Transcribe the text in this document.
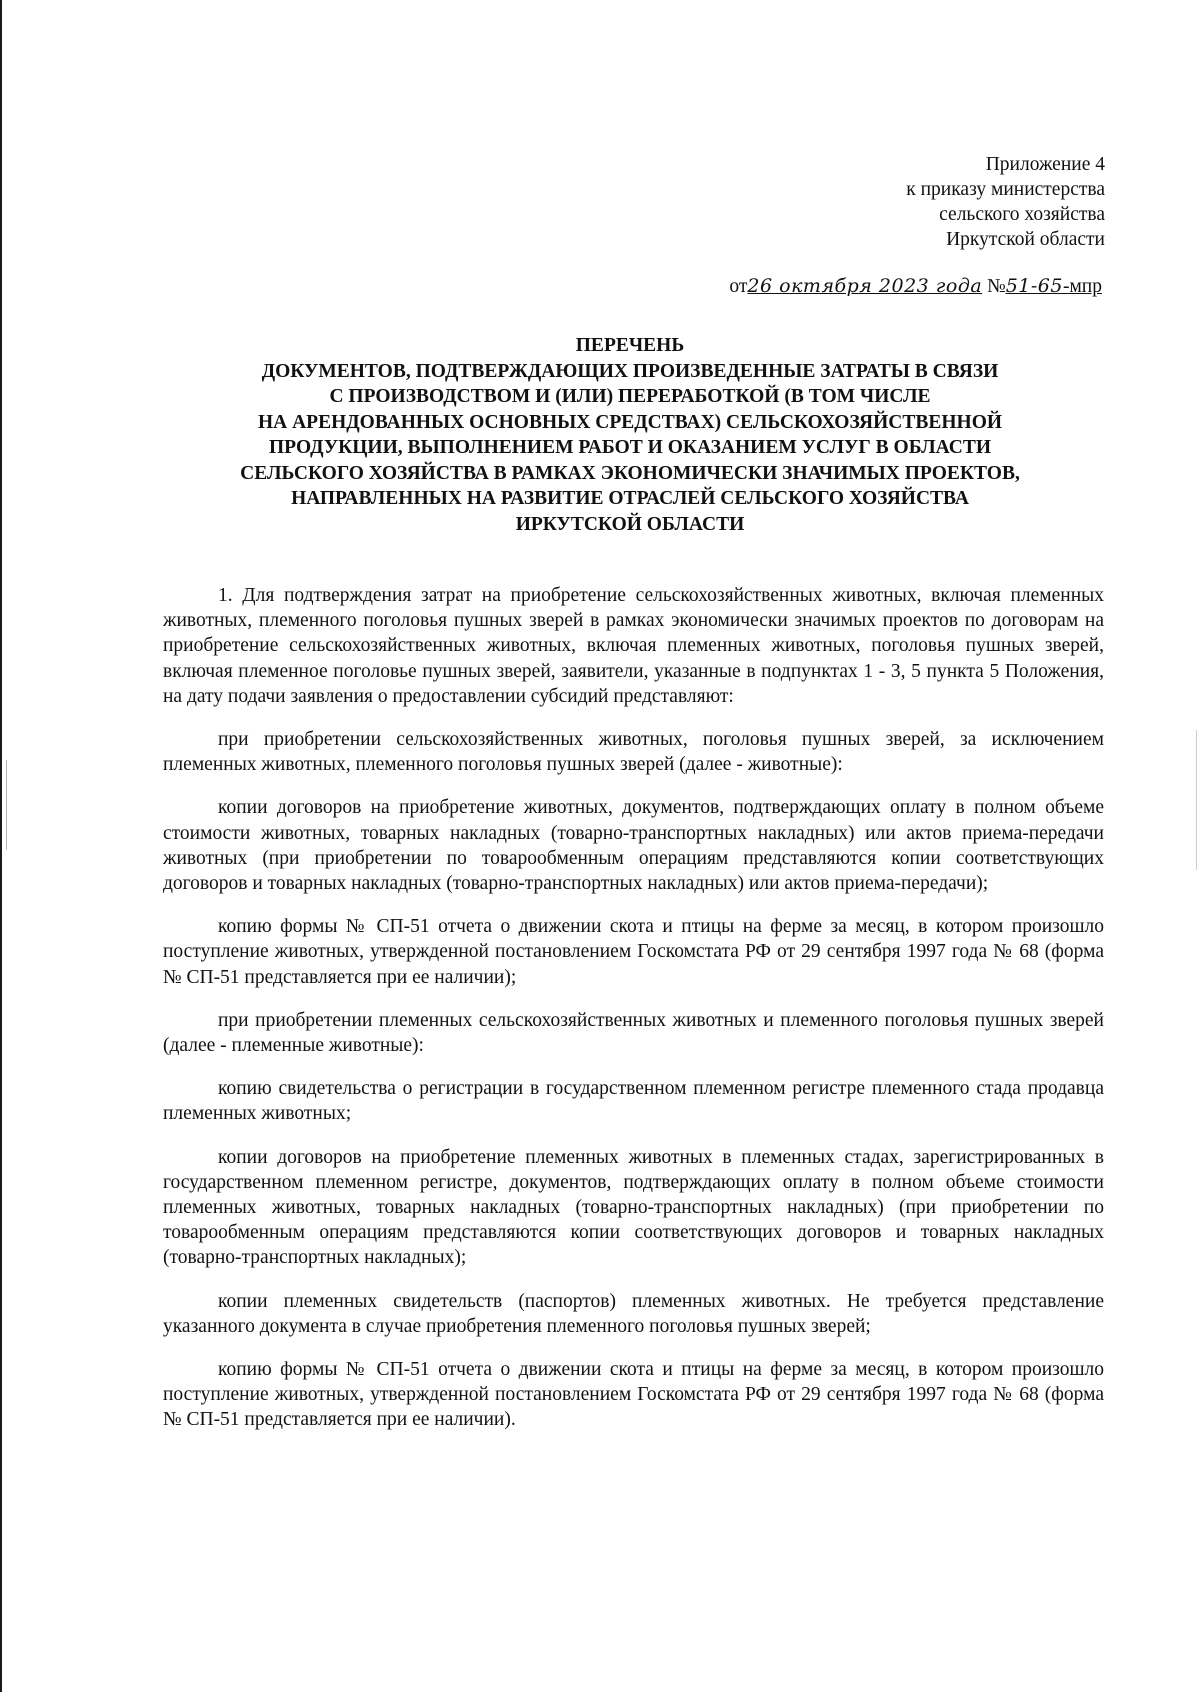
Приложение 4
к приказу министерства
сельского хозяйства
Иркутской области
от26 октября 2023 года №51-65-мпр
ПЕРЕЧЕНЬ
ДОКУМЕНТОВ, ПОДТВЕРЖДАЮЩИХ ПРОИЗВЕДЕННЫЕ ЗАТРАТЫ В СВЯЗИ
С ПРОИЗВОДСТВОМ И (ИЛИ) ПЕРЕРАБОТКОЙ (В ТОМ ЧИСЛЕ
НА АРЕНДОВАННЫХ ОСНОВНЫХ СРЕДСТВАХ) СЕЛЬСКОХОЗЯЙСТВЕННОЙ
ПРОДУКЦИИ, ВЫПОЛНЕНИЕМ РАБОТ И ОКАЗАНИЕМ УСЛУГ В ОБЛАСТИ
СЕЛЬСКОГО ХОЗЯЙСТВА В РАМКАХ ЭКОНОМИЧЕСКИ ЗНАЧИМЫХ ПРОЕКТОВ,
НАПРАВЛЕННЫХ НА РАЗВИТИЕ ОТРАСЛЕЙ СЕЛЬСКОГО ХОЗЯЙСТВА
ИРКУТСКОЙ ОБЛАСТИ

1. Для подтверждения затрат на приобретение сельскохозяйственных животных, включая племенных животных, племенного поголовья пушных зверей в рамках экономически значимых проектов по договорам на приобретение сельскохозяйственных животных, включая племенных животных, поголовья пушных зверей, включая племенное поголовье пушных зверей, заявители, указанные в подпунктах 1 - 3, 5 пункта 5 Положения, на дату подачи заявления о предоставлении субсидий представляют:

при приобретении сельскохозяйственных животных, поголовья пушных зверей, за исключением племенных животных, племенного поголовья пушных зверей (далее - животные):

копии договоров на приобретение животных, документов, подтверждающих оплату в полном объеме стоимости животных, товарных накладных (товарно-транспортных накладных) или актов приема-передачи животных (при приобретении по товарообменным операциям представляются копии соответствующих договоров и товарных накладных (товарно-транспортных накладных) или актов приема-передачи);

копию формы № СП-51 отчета о движении скота и птицы на ферме за месяц, в котором произошло поступление животных, утвержденной постановлением Госкомстата РФ от 29 сентября 1997 года № 68 (форма № СП-51 представляется при ее наличии);

при приобретении племенных сельскохозяйственных животных и племенного поголовья пушных зверей (далее - племенные животные):

копию свидетельства о регистрации в государственном племенном регистре племенного стада продавца племенных животных;

копии договоров на приобретение племенных животных в племенных стадах, зарегистрированных в государственном племенном регистре, документов, подтверждающих оплату в полном объеме стоимости племенных животных, товарных накладных (товарно-транспортных накладных) (при приобретении по товарообменным операциям представляются копии соответствующих договоров и товарных накладных (товарно-транспортных накладных);

копии племенных свидетельств (паспортов) племенных животных. Не требуется представление указанного документа в случае приобретения племенного поголовья пушных зверей;

копию формы № СП-51 отчета о движении скота и птицы на ферме за месяц, в котором произошло поступление животных, утвержденной постановлением Госкомстата РФ от 29 сентября 1997 года № 68 (форма № СП-51 представляется при ее наличии).
